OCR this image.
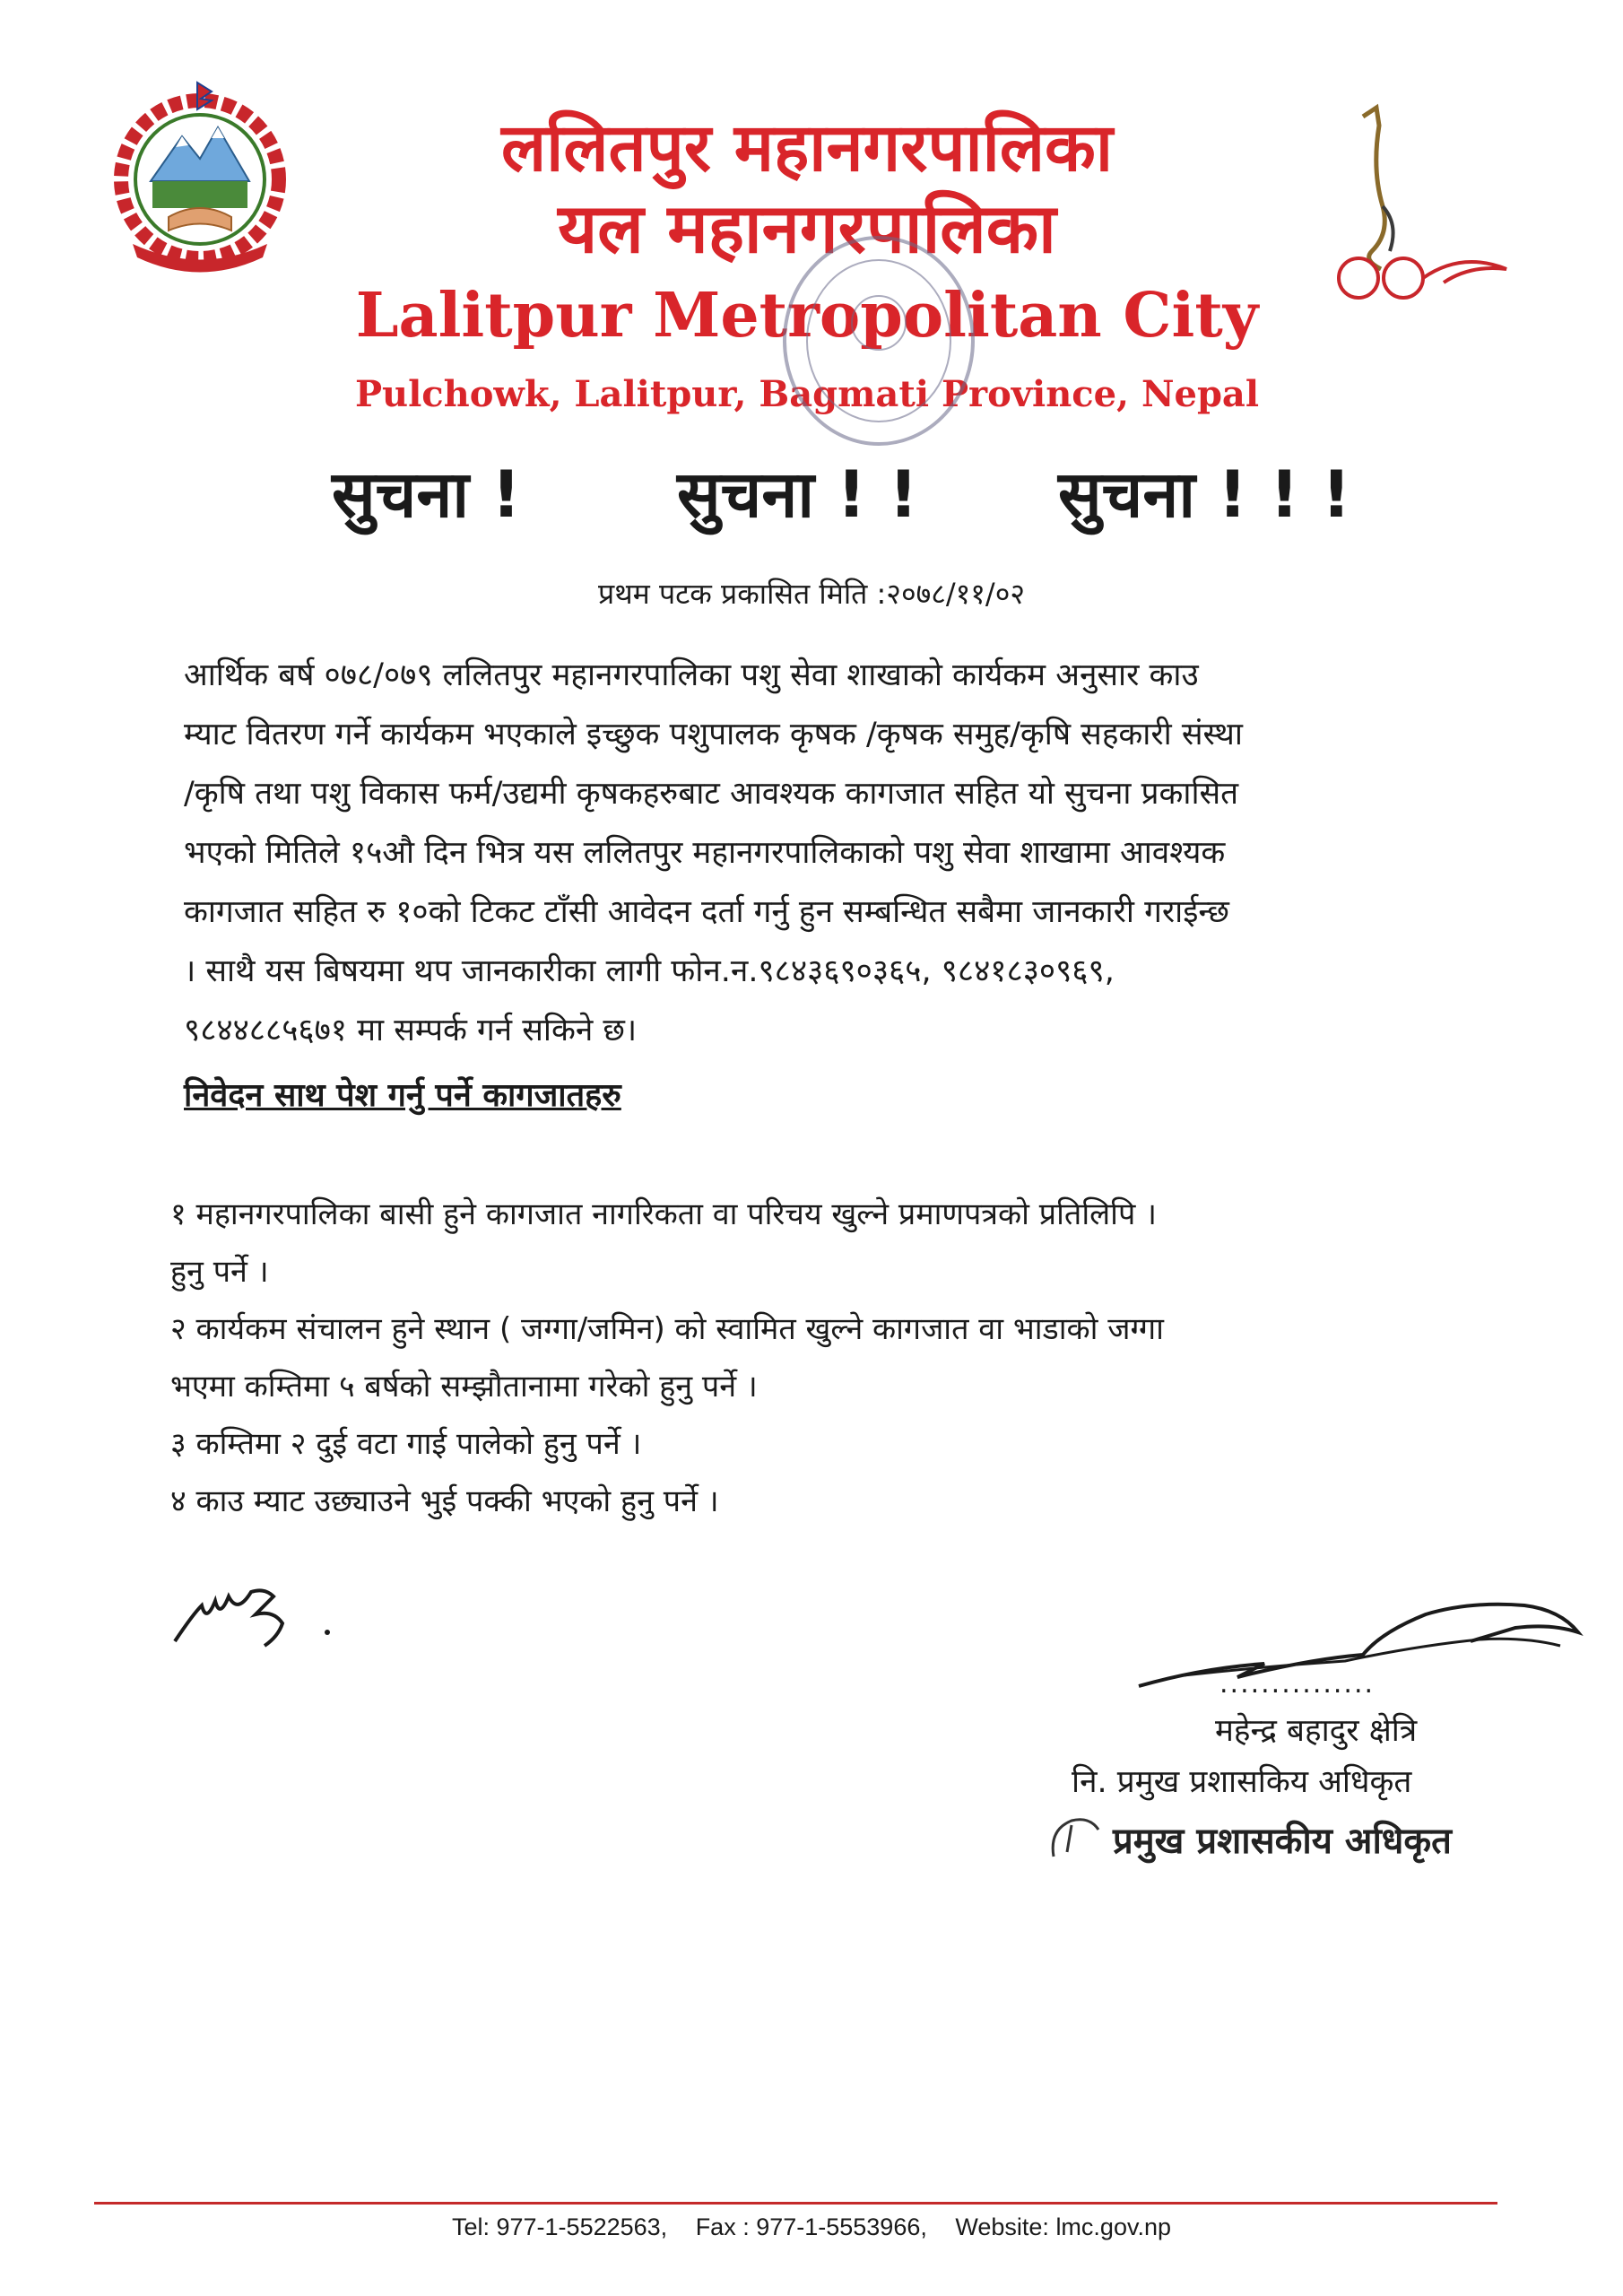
ललितपुर महानगरपालिका
यल महानगरपालिका
Lalitpur Metropolitan City
Pulchowk, Lalitpur, Bagmati Province, Nepal
सुचना ! सुचना ! ! सुचना ! ! !
प्रथम पटक प्रकासित मिति :२०७८/११/०२

आर्थिक बर्ष ०७८/०७९ ललितपुर महानगरपालिका पशु सेवा शाखाको कार्यकम अनुसार काउ

म्याट वितरण गर्ने कार्यकम भएकाले इच्छुक पशुपालक कृषक /कृषक समुह/कृषि सहकारी संस्था

/कृषि तथा पशु विकास फर्म/उद्यमी कृषकहरुबाट आवश्यक कागजात सहित यो सुचना प्रकासित

भएको मितिले १५औ दिन भित्र यस ललितपुर महानगरपालिकाको पशु सेवा शाखामा आवश्यक

कागजात सहित रु १०को टिकट टाँसी आवेदन दर्ता गर्नु हुन सम्बन्धित सबैमा जानकारी गराईन्छ

। साथै यस बिषयमा थप जानकारीका लागी फोन.न.९८४३६९०३६५, ९८४१८३०९६९,

९८४४८८५६७१ मा सम्पर्क गर्न सकिने छ।

निवेदन साथ पेश गर्नु पर्ने कागजातहरु
१ महानगरपालिका बासी हुने कागजात नागरिकता वा परिचय खुल्ने प्रमाणपत्रको प्रतिलिपि ।
हुनु पर्ने ।
२ कार्यकम संचालन हुने स्थान ( जग्गा/जमिन) को स्वामित खुल्ने कागजात वा भाडाको जग्गा
भएमा कम्तिमा ५ बर्षको सम्झौतानामा गरेको हुनु पर्ने ।
३ कम्तिमा २ दुई वटा गाई पालेको हुनु पर्ने ।
४ काउ म्याट उछ्याउने भुई पक्की भएको हुनु पर्ने ।
...............
महेन्द्र बहादुर क्षेत्रि
नि. प्रमुख प्रशासकिय अधिकृत
प्रमुख प्रशासकीय अधिकृत
Tel: 977-1-5522563, Fax : 977-1-5553966, Website: lmc.gov.np
